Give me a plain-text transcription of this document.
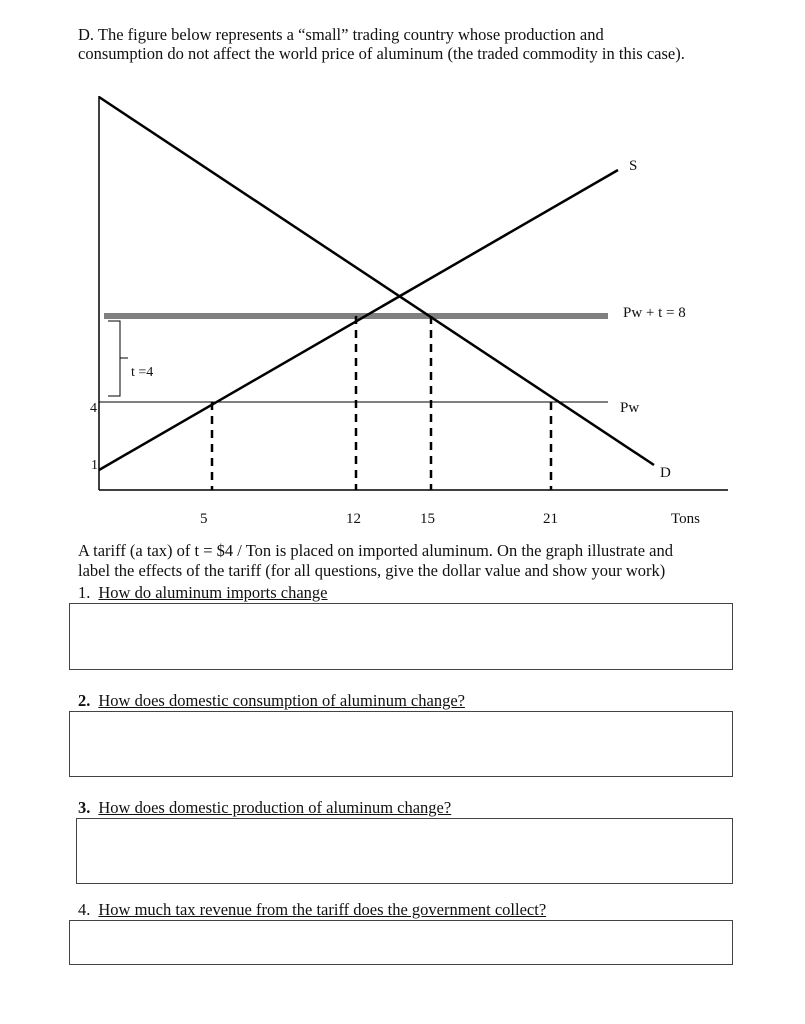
D. The figure below represents a “small” trading country whose production and
consumption do not affect the world price of aluminum (the traded commodity in this case).

t =4
S
Pw + t = 8
Pw
D
4
1
5	12	15	21	Tons

A tariff (a tax) of t = $4 / Ton is placed on imported aluminum. On the graph illustrate and
label the effects of the tariff (for all questions, give the dollar value and show your work)

1. How do aluminum imports change

2. How does domestic consumption of aluminum change?

3. How does domestic production of aluminum change?

4. How much tax revenue from the tariff does the government collect?
